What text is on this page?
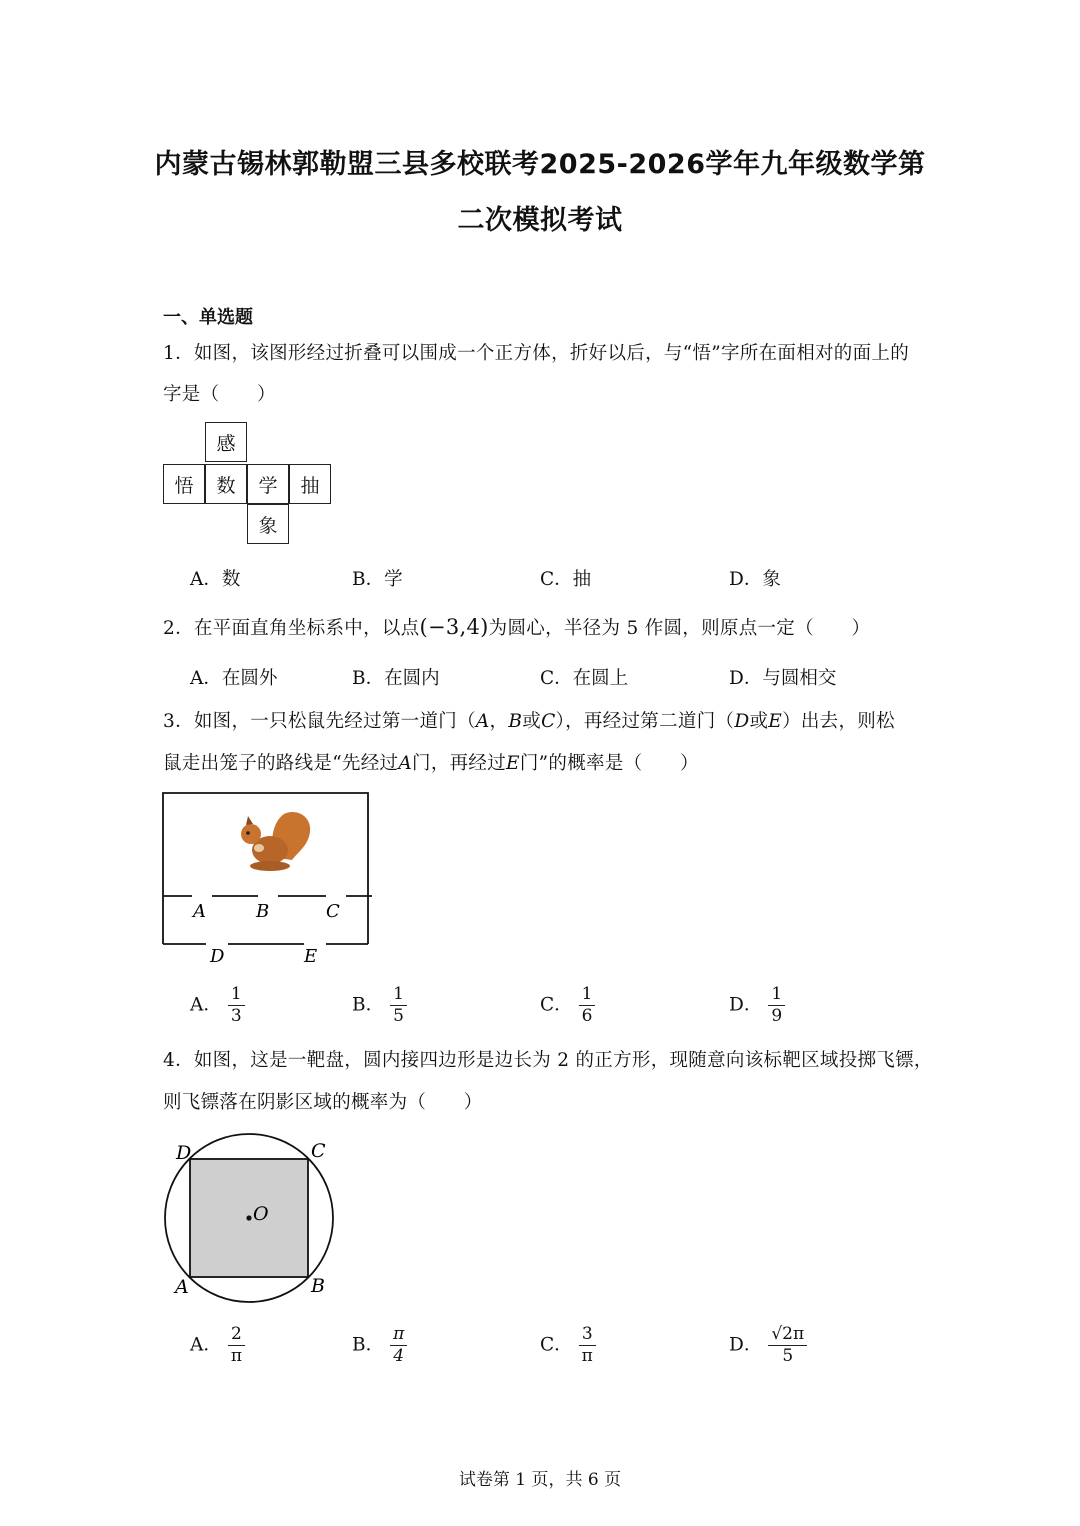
内蒙古锡林郭勒盟三县多校联考2025-2026学年九年级数学第
二次模拟考试
一、单选题
1．如图，该图形经过折叠可以围成一个正方体，折好以后，与“悟”字所在面相对的面上的
字是（　　）
感
悟	数	学	抽
象
A．数	B．学	C．抽	D．象
2．在平面直角坐标系中，以点(−3,4)为圆心，半径为 5 作圆，则原点一定（　　）
A．在圆外	B．在圆内	C．在圆上	D．与圆相交
3．如图，一只松鼠先经过第一道门（A，B或C），再经过第二道门（D或E）出去，则松
鼠走出笼子的路线是“先经过A门，再经过E门”的概率是（　　）
A	B	C
D	E
A． $\frac{1}{3}$	B． $\frac{1}{5}$	C． $\frac{1}{6}$	D． $\frac{1}{9}$
4．如图，这是一靶盘，圆内接四边形是边长为 2 的正方形，现随意向该标靶区域投掷飞镖，
则飞镖落在阴影区域的概率为（　　）
O
D	C
A	B
A． $\frac{2}{\pi}$	B． $\frac{\pi}{4}$	C． $\frac{3}{\pi}$	D． $\frac{√2\pi}{5}$
试卷第 1 页，共 6 页
